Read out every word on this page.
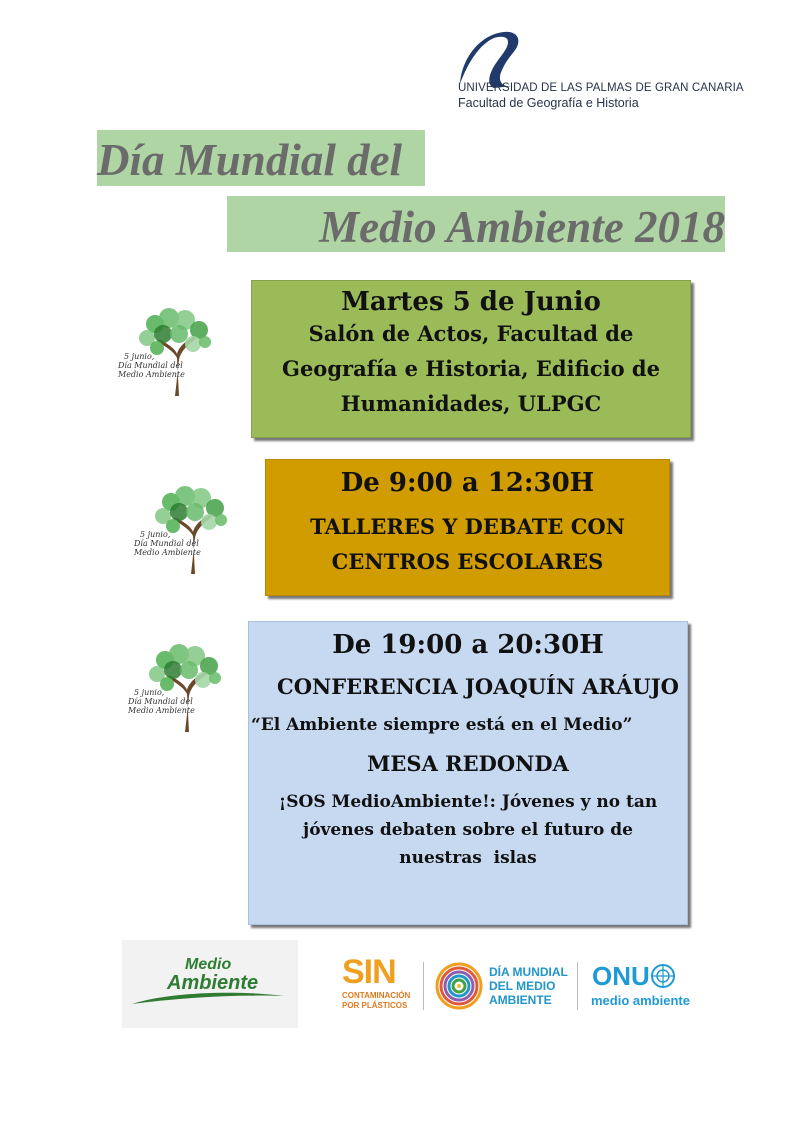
UNIVERSIDAD DE LAS PALMAS DE GRAN CANARIA
Facultad de Geografía e Historia
Día Mundial del
Medio Ambiente 2018
5 junio,
Día Mundial del
Medio Ambiente
Martes 5 de Junio
Salón de Actos, Facultad de
Geografía e Historia, Edificio de
Humanidades, ULPGC
5 junio,
Día Mundial del
Medio Ambiente
De 9:00 a 12:30H
TALLERES Y DEBATE CON
CENTROS ESCOLARES
5 junio,
Día Mundial del
Medio Ambiente
De 19:00 a 20:30H
CONFERENCIA JOAQUÍN ARÁUJO
“El Ambiente siempre está en el Medio”
MESA REDONDA
¡SOS MedioAmbiente!: Jóvenes y no tan
jóvenes debaten sobre el futuro de
nuestras  islas
Medio
Ambiente SIN
CONTAMINACIÓN
POR PLÁSTICOS
DÍA MUNDIAL
DEL MEDIO
AMBIENTE
ONU
medio ambiente
